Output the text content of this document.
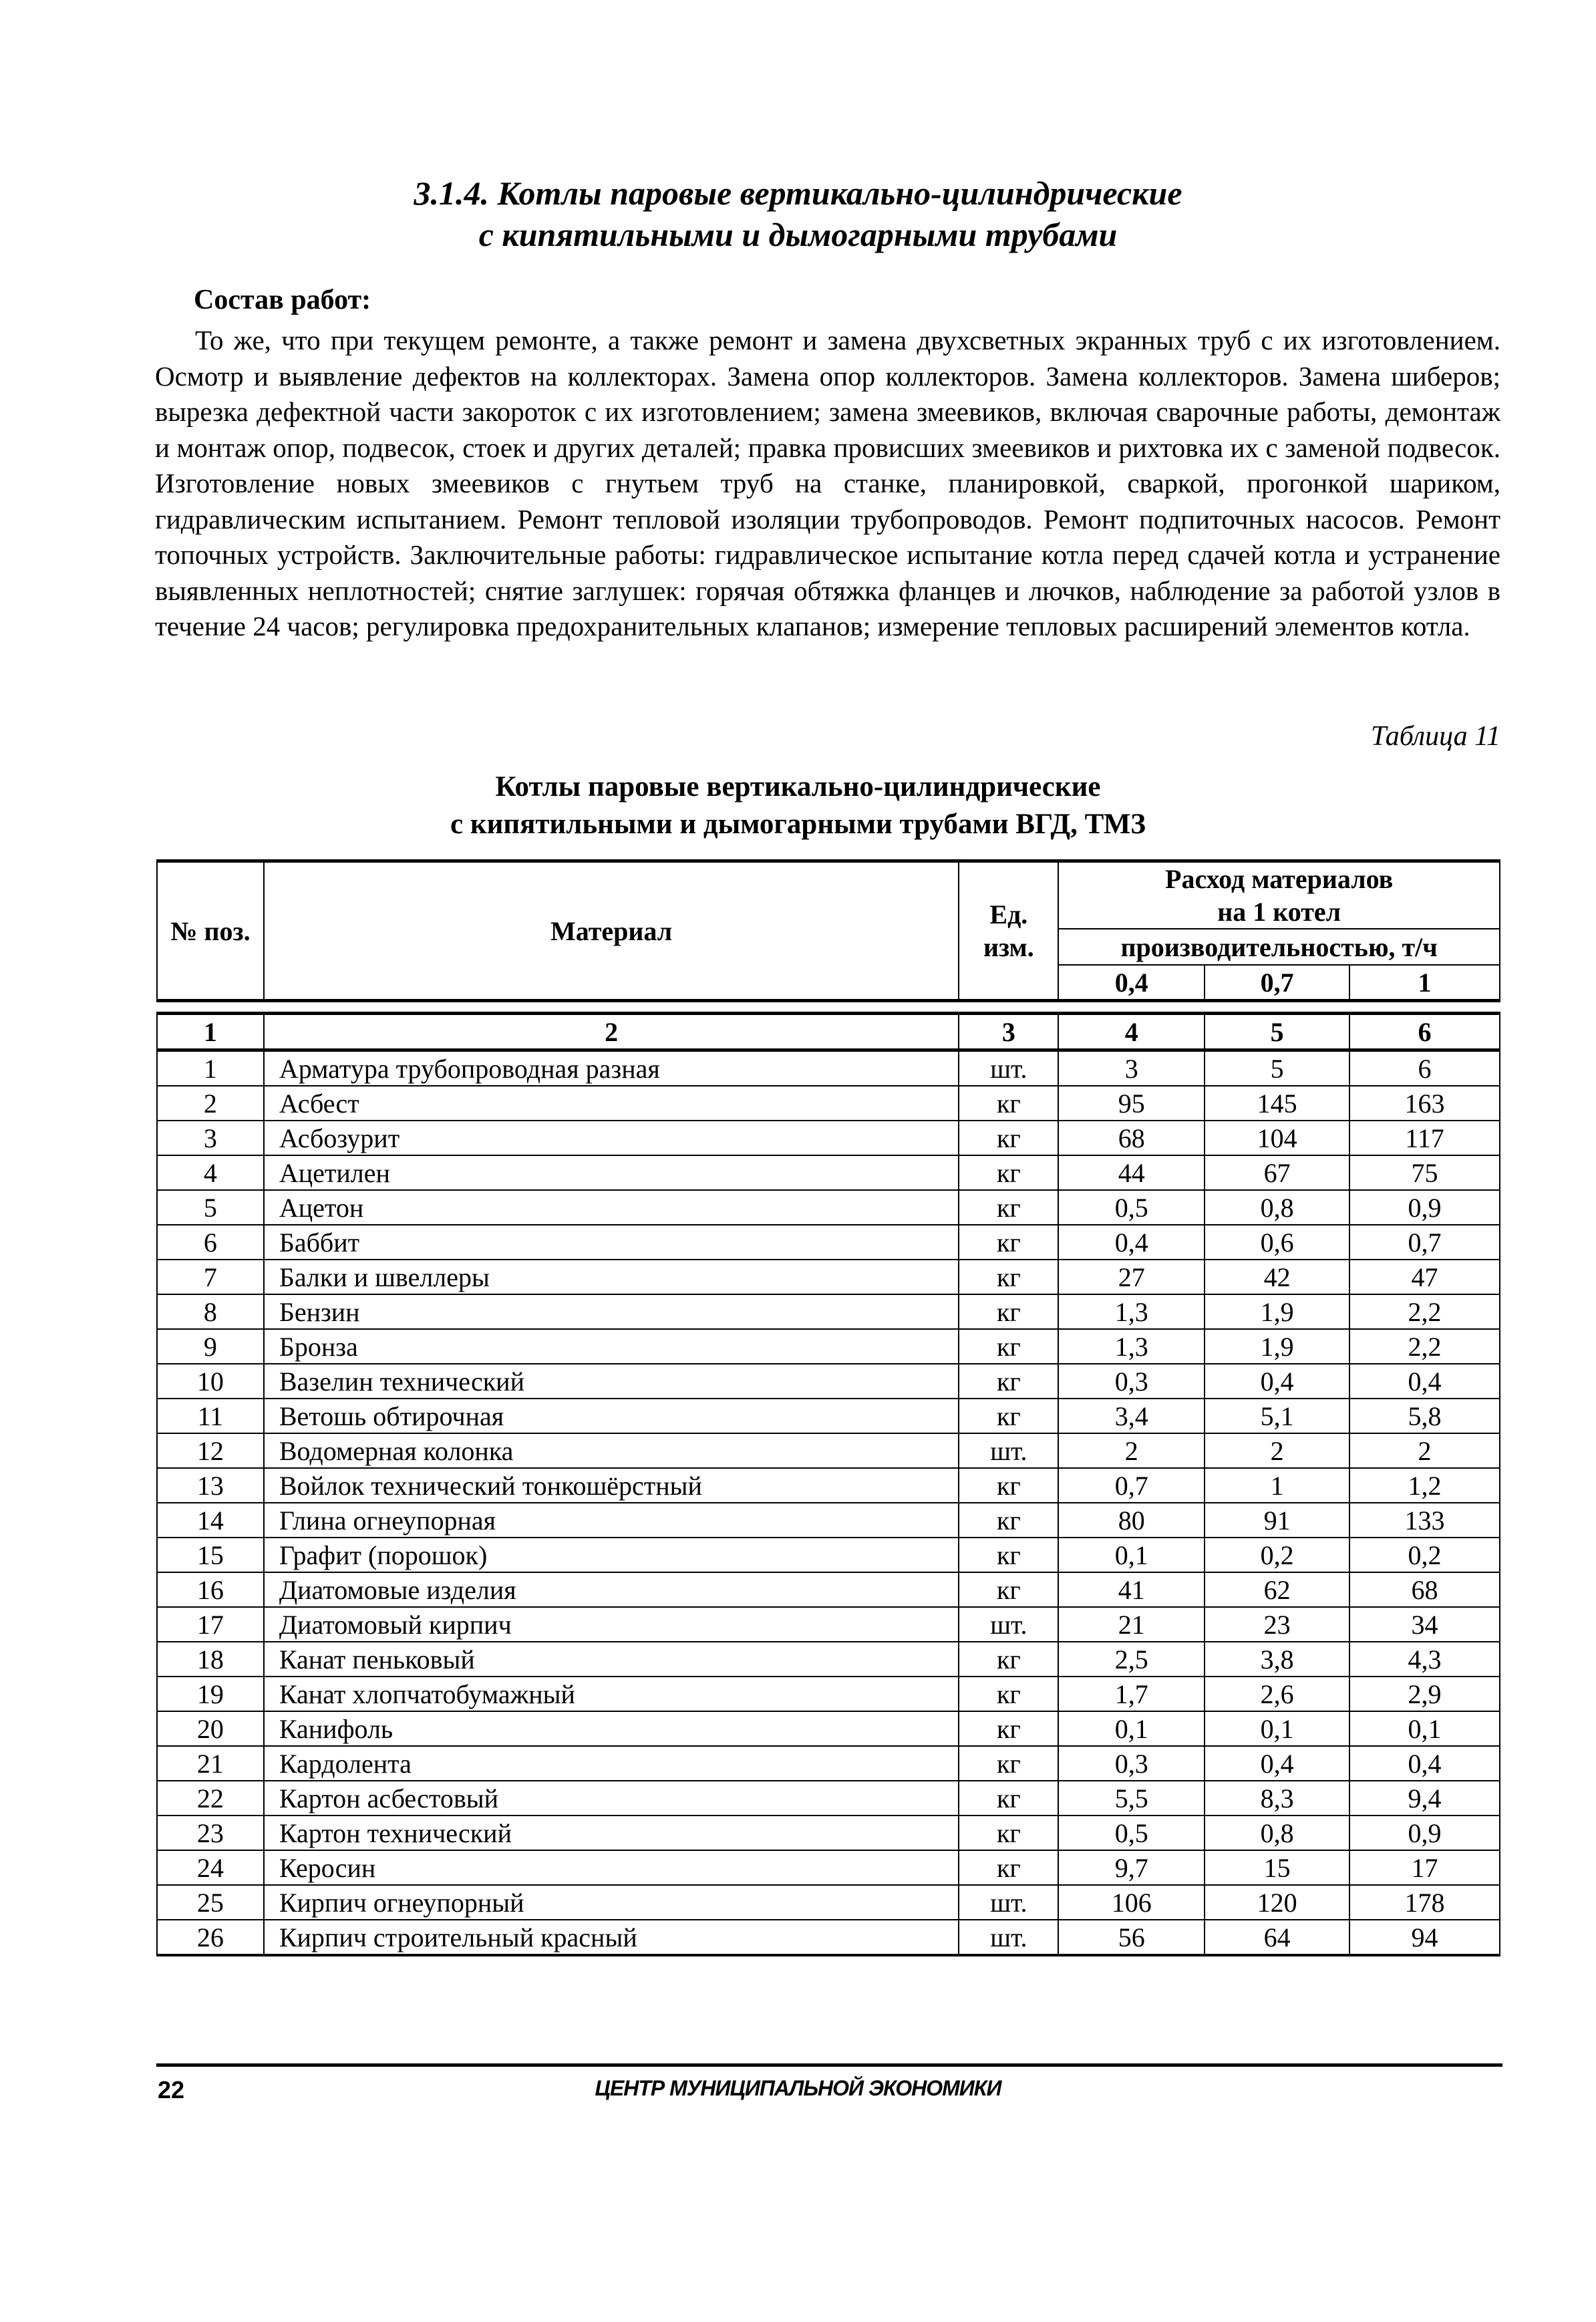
3.1.4. Котлы паровые вертикально-цилиндрические
с кипятильными и дымогарными трубами
Состав работ:
То же, что при текущем ремонте, а также ремонт и замена двухсветных экранных труб с их изготовлением. Осмотр и выявление дефектов на коллекторах. Замена опор коллекторов. Замена коллекторов. Замена шиберов; вырезка дефектной части закороток с их изготовлением; замена змеевиков, включая сварочные работы, демонтаж и монтаж опор, подвесок, стоек и других деталей; правка провисших змеевиков и рихтовка их с заменой подвесок. Изготовление новых змеевиков с гнутьем труб на станке, планировкой, сваркой, прогонкой шариком, гидравлическим испытанием. Ремонт тепловой изоляции трубопроводов. Ремонт подпиточных насосов. Ремонт топочных устройств. Заключительные работы: гидравлическое испытание котла перед сдачей котла и устранение выявленных неплотностей; снятие заглушек: горячая обтяжка фланцев и лючков, наблюдение за работой узлов в течение 24 часов; регулировка предохранительных клапанов; измерение тепловых расширений элементов котла.
Таблица 11
Котлы паровые вертикально-цилиндрические
с кипятильными и дымогарными трубами ВГД, ТМЗ
№ поз.	Материал	Ед. изм.	Расход материалов на 1 котел		
			производительностью, т/ч		
			0,4	0,7	1

1	2	3	4	5	6
1	Арматура трубопроводная разная	шт.	3	5	6
2	Асбест	кг	95	145	163
3	Асбозурит	кг	68	104	117
4	Ацетилен	кг	44	67	75
5	Ацетон	кг	0,5	0,8	0,9
6	Баббит	кг	0,4	0,6	0,7
7	Балки и швеллеры	кг	27	42	47
8	Бензин	кг	1,3	1,9	2,2
9	Бронза	кг	1,3	1,9	2,2
10	Вазелин технический	кг	0,3	0,4	0,4
11	Ветошь обтирочная	кг	3,4	5,1	5,8
12	Водомерная колонка	шт.	2	2	2
13	Войлок технический тонкошёрстный	кг	0,7	1	1,2
14	Глина огнеупорная	кг	80	91	133
15	Графит (порошок)	кг	0,1	0,2	0,2
16	Диатомовые изделия	кг	41	62	68
17	Диатомовый кирпич	шт.	21	23	34
18	Канат пеньковый	кг	2,5	3,8	4,3
19	Канат хлопчатобумажный	кг	1,7	2,6	2,9
20	Канифоль	кг	0,1	0,1	0,1
21	Кардолента	кг	0,3	0,4	0,4
22	Картон асбестовый	кг	5,5	8,3	9,4
23	Картон технический	кг	0,5	0,8	0,9
24	Керосин	кг	9,7	15	17
25	Кирпич огнеупорный	шт.	106	120	178
26	Кирпич строительный красный	шт.	56	64	94
22	ЦЕНТР МУНИЦИПАЛЬНОЙ ЭКОНОМИКИ
